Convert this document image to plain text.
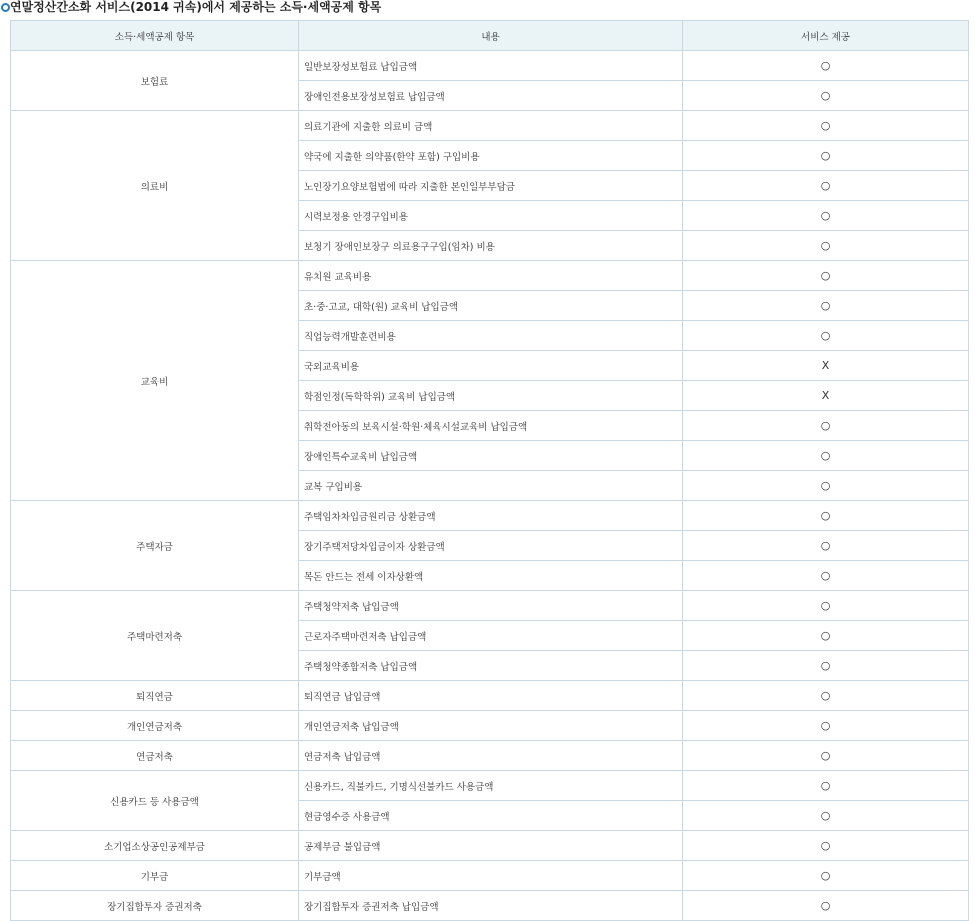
연말정산간소화 서비스(2014 귀속)에서 제공하는 소득·세액공제 항목
소득·세액공제 항목	내용	서비스 제공
보험료	일반보장성보험료 납입금액	○
	장애인전용보장성보험료 납입금액	○
의료비	의료기관에 지출한 의료비 금액	○
	약국에 지출한 의약품(한약 포함) 구입비용	○
	노인장기요양보험법에 따라 지출한 본인일부부담금	○
	시력보정용 안경구입비용	○
	보청기 장애인보장구 의료용구구입(임차) 비용	○
교육비	유치원 교육비용	○
	초·중·고교, 대학(원) 교육비 납입금액	○
	직업능력개발훈련비용	○
	국외교육비용	X
	학점인정(독학학위) 교육비 납입금액	X
	취학전아동의 보육시설·학원·체육시설교육비 납입금액	○
	장애인특수교육비 납입금액	○
	교복 구입비용	○
주택자금	주택임차차입금원리금 상환금액	○
	장기주택저당차입금이자 상환금액	○
	목돈 안드는 전세 이자상환액	○
주택마련저축	주택청약저축 납입금액	○
	근로자주택마련저축 납입금액	○
	주택청약종합저축 납입금액	○
퇴직연금	퇴직연금 납입금액	○
개인연금저축	개인연금저축 납입금액	○
연금저축	연금저축 납입금액	○
신용카드 등 사용금액	신용카드, 직불카드, 기명식선불카드 사용금액	○
	현금영수증 사용금액	○
소기업소상공인공제부금	공제부금 불입금액	○
기부금	기부금액	○
장기집합투자 증권저축	장기집합투자 증권저축 납입금액	○
